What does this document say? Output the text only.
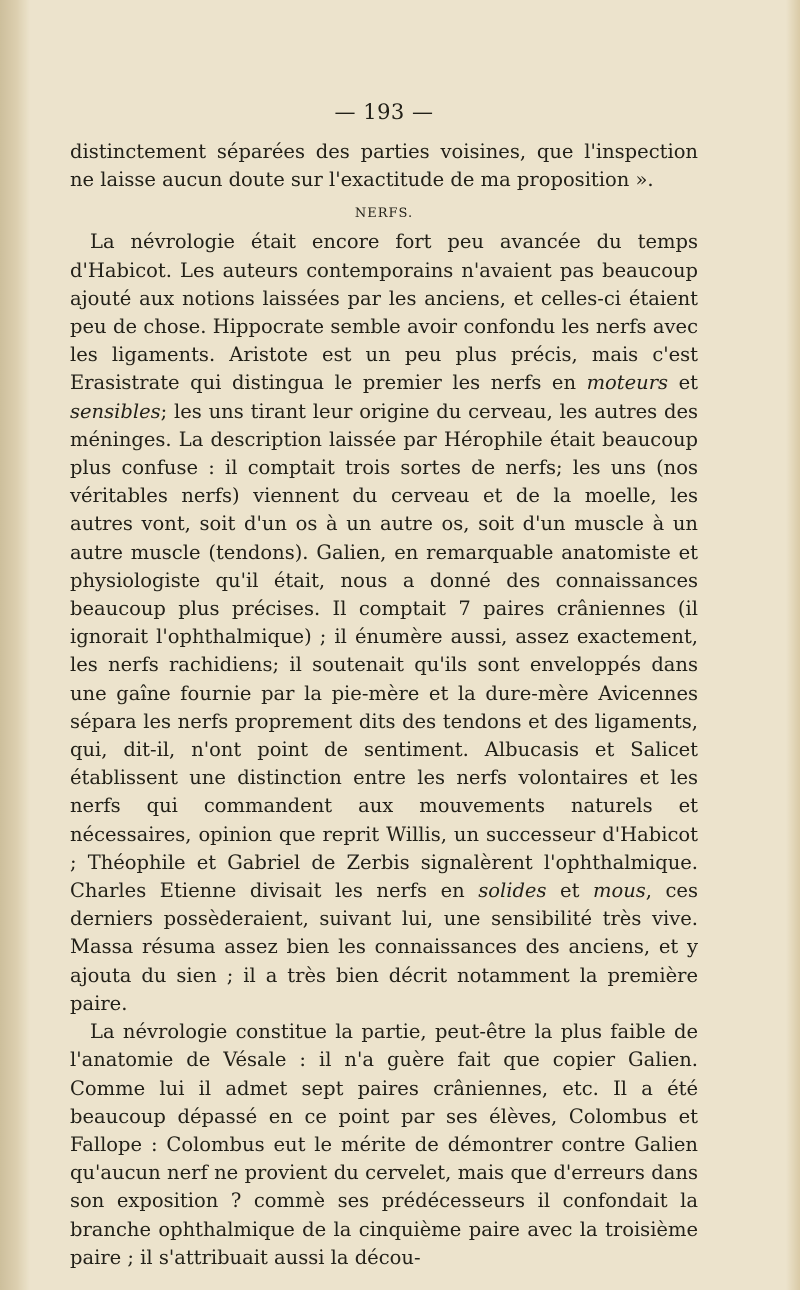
— 193 —

distinctement séparées des parties voisines, que l'inspection ne laisse aucun doute sur l'exactitude de ma proposition ».

NERFS.

La névrologie était encore fort peu avancée du temps d'Habicot. Les auteurs contemporains n'avaient pas beaucoup ajouté aux notions laissées par les anciens, et celles-ci étaient peu de chose. Hippocrate semble avoir confondu les nerfs avec les ligaments. Aristote est un peu plus précis, mais c'est Erasistrate qui distingua le premier les nerfs en moteurs et sensibles; les uns tirant leur origine du cerveau, les autres des méninges. La description laissée par Hérophile était beaucoup plus confuse : il comptait trois sortes de nerfs; les uns (nos véritables nerfs) viennent du cerveau et de la moelle, les autres vont, soit d'un os à un autre os, soit d'un muscle à un autre muscle (tendons). Galien, en remarquable anatomiste et physiologiste qu'il était, nous a donné des connaissances beaucoup plus précises. Il comptait 7 paires crâniennes (il ignorait l'ophthalmique) ; il énumère aussi, assez exactement, les nerfs rachidiens; il soutenait qu'ils sont enveloppés dans une gaîne fournie par la pie-mère et la dure-mère Avicennes sépara les nerfs proprement dits des tendons et des ligaments, qui, dit-il, n'ont point de sentiment. Albucasis et Salicet établissent une distinction entre les nerfs volontaires et les nerfs qui commandent aux mouvements naturels et nécessaires, opinion que reprit Willis, un successeur d'Habicot ; Théophile et Gabriel de Zerbis signalèrent l'ophthalmique. Charles Etienne divisait les nerfs en solides et mous, ces derniers possèderaient, suivant lui, une sensibilité très vive. Massa résuma assez bien les connaissances des anciens, et y ajouta du sien ; il a très bien décrit notamment la première paire.

La névrologie constitue la partie, peut-être la plus faible de l'anatomie de Vésale : il n'a guère fait que copier Galien. Comme lui il admet sept paires crâniennes, etc. Il a été beaucoup dépassé en ce point par ses élèves, Colombus et Fallope : Colombus eut le mérite de démontrer contre Galien qu'aucun nerf ne provient du cervelet, mais que d'erreurs dans son exposition ? commè ses prédécesseurs il confondait la branche ophthalmique de la cinquième paire avec la troisième paire ; il s'attribuait aussi la décou-
